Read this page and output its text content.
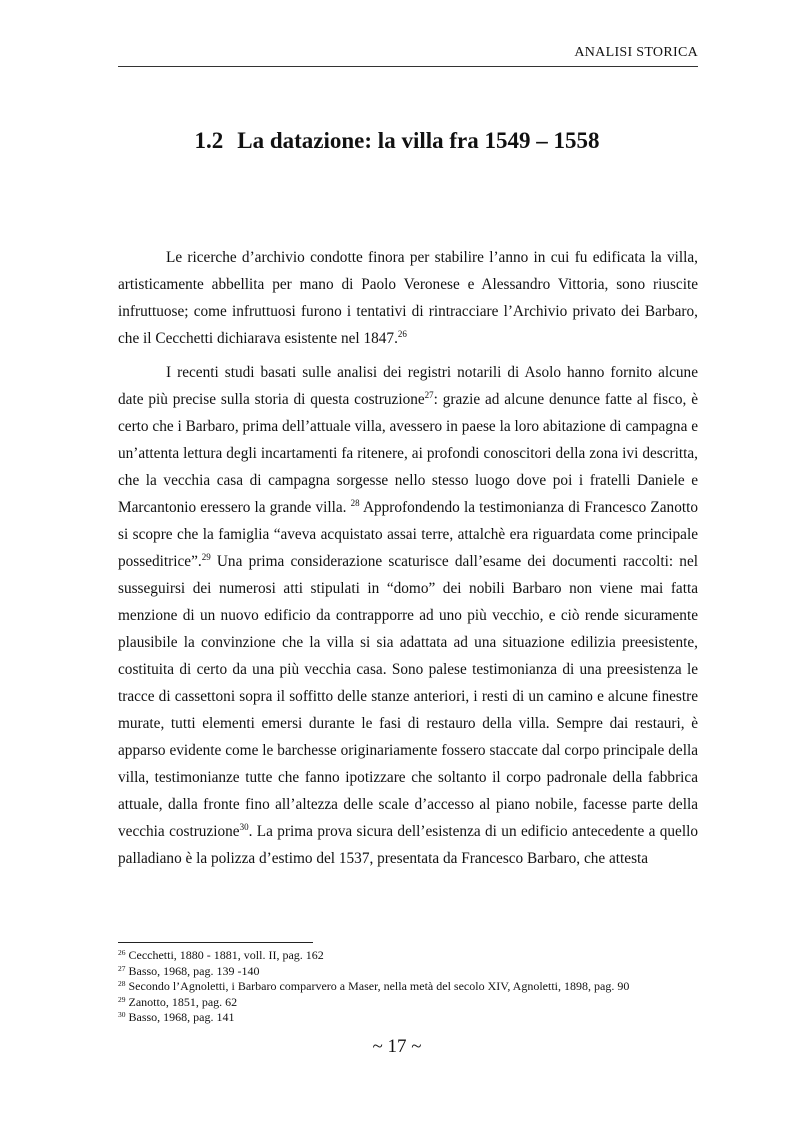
ANALISI STORICA
1.2 La datazione: la villa fra 1549 – 1558

Le ricerche d’archivio condotte finora per stabilire l’anno in cui fu edificata la villa, artisticamente abbellita per mano di Paolo Veronese e Alessandro Vittoria, sono riuscite infruttuose; come infruttuosi furono i tentativi di rintracciare l’Archivio privato dei Barbaro, che il Cecchetti dichiarava esistente nel 1847.26

I recenti studi basati sulle analisi dei registri notarili di Asolo hanno fornito alcune date più precise sulla storia di questa costruzione$^{27}$: grazie ad alcune denunce fatte al fisco, è certo che i Barbaro, prima dell’attuale villa, avessero in paese la loro abitazione di campagna e un’attenta lettura degli incartamenti fa ritenere, ai profondi conoscitori della zona ivi descritta, che la vecchia casa di campagna sorgesse nello stesso luogo dove poi i fratelli Daniele e Marcantonio eressero la grande villa. $^{28}$ Approfondendo la testimonianza di Francesco Zanotto si scopre che la famiglia “aveva acquistato assai terre, attalchè era riguardata come principale posseditrice”.$^{29}$ Una prima considerazione scaturisce dall’esame dei documenti raccolti: nel susseguirsi dei numerosi atti stipulati in “domo” dei nobili Barbaro non viene mai fatta menzione di un nuovo edificio da contrapporre ad uno più vecchio, e ciò rende sicuramente plausibile la convinzione che la villa si sia adattata ad una situazione edilizia preesistente, costituita di certo da una più vecchia casa. Sono palese testimonianza di una preesistenza le tracce di cassettoni sopra il soffitto delle stanze anteriori, i resti di un camino e alcune finestre murate, tutti elementi emersi durante le fasi di restauro della villa. Sempre dai restauri, è apparso evidente come le barchesse originariamente fossero staccate dal corpo principale della villa, testimonianze tutte che fanno ipotizzare che soltanto il corpo padronale della fabbrica attuale, dalla fronte fino all’altezza delle scale d’accesso al piano nobile, facesse parte della vecchia costruzione$^{30}$. La prima prova sicura dell’esistenza di un edificio antecedente a quello palladiano è la polizza d’estimo del 1537, presentata da Francesco Barbaro, che attesta

$^{26}$ Cecchetti, 1880 - 1881, voll. II, pag. 162
$^{27}$ Basso, 1968, pag. 139 -140
$^{28}$ Secondo l’Agnoletti, i Barbaro comparvero a Maser, nella metà del secolo XIV, Agnoletti, 1898, pag. 90
$^{29}$ Zanotto, 1851, pag. 62
$^{30}$ Basso, 1968, pag. 141
~ 17 ~
